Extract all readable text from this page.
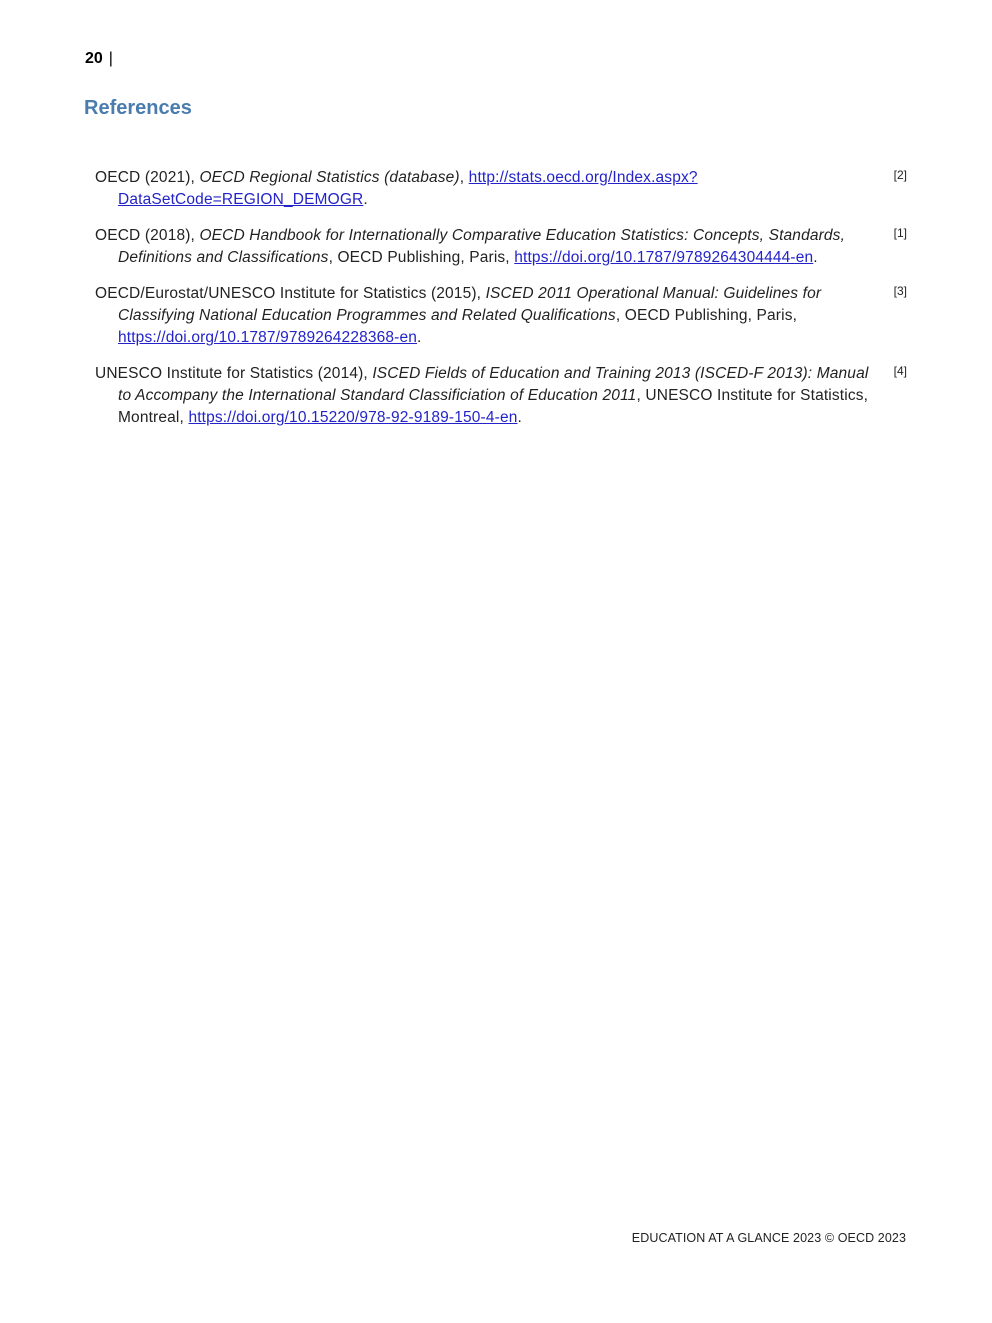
20 |
References
OECD (2021), OECD Regional Statistics (database), http://stats.oecd.org/Index.aspx?DataSetCode=REGION_DEMOGR.
[2]
OECD (2018), OECD Handbook for Internationally Comparative Education Statistics: Concepts, Standards, Definitions and Classifications, OECD Publishing, Paris, https://doi.org/10.1787/9789264304444-en.
[1]
OECD/Eurostat/UNESCO Institute for Statistics (2015), ISCED 2011 Operational Manual: Guidelines for Classifying National Education Programmes and Related Qualifications, OECD Publishing, Paris, https://doi.org/10.1787/9789264228368-en.
[3]
UNESCO Institute for Statistics (2014), ISCED Fields of Education and Training 2013 (ISCED-F 2013): Manual to Accompany the International Standard Classificiation of Education 2011, UNESCO Institute for Statistics, Montreal, https://doi.org/10.15220/978-92-9189-150-4-en.
[4]
EDUCATION AT A GLANCE 2023 © OECD 2023
